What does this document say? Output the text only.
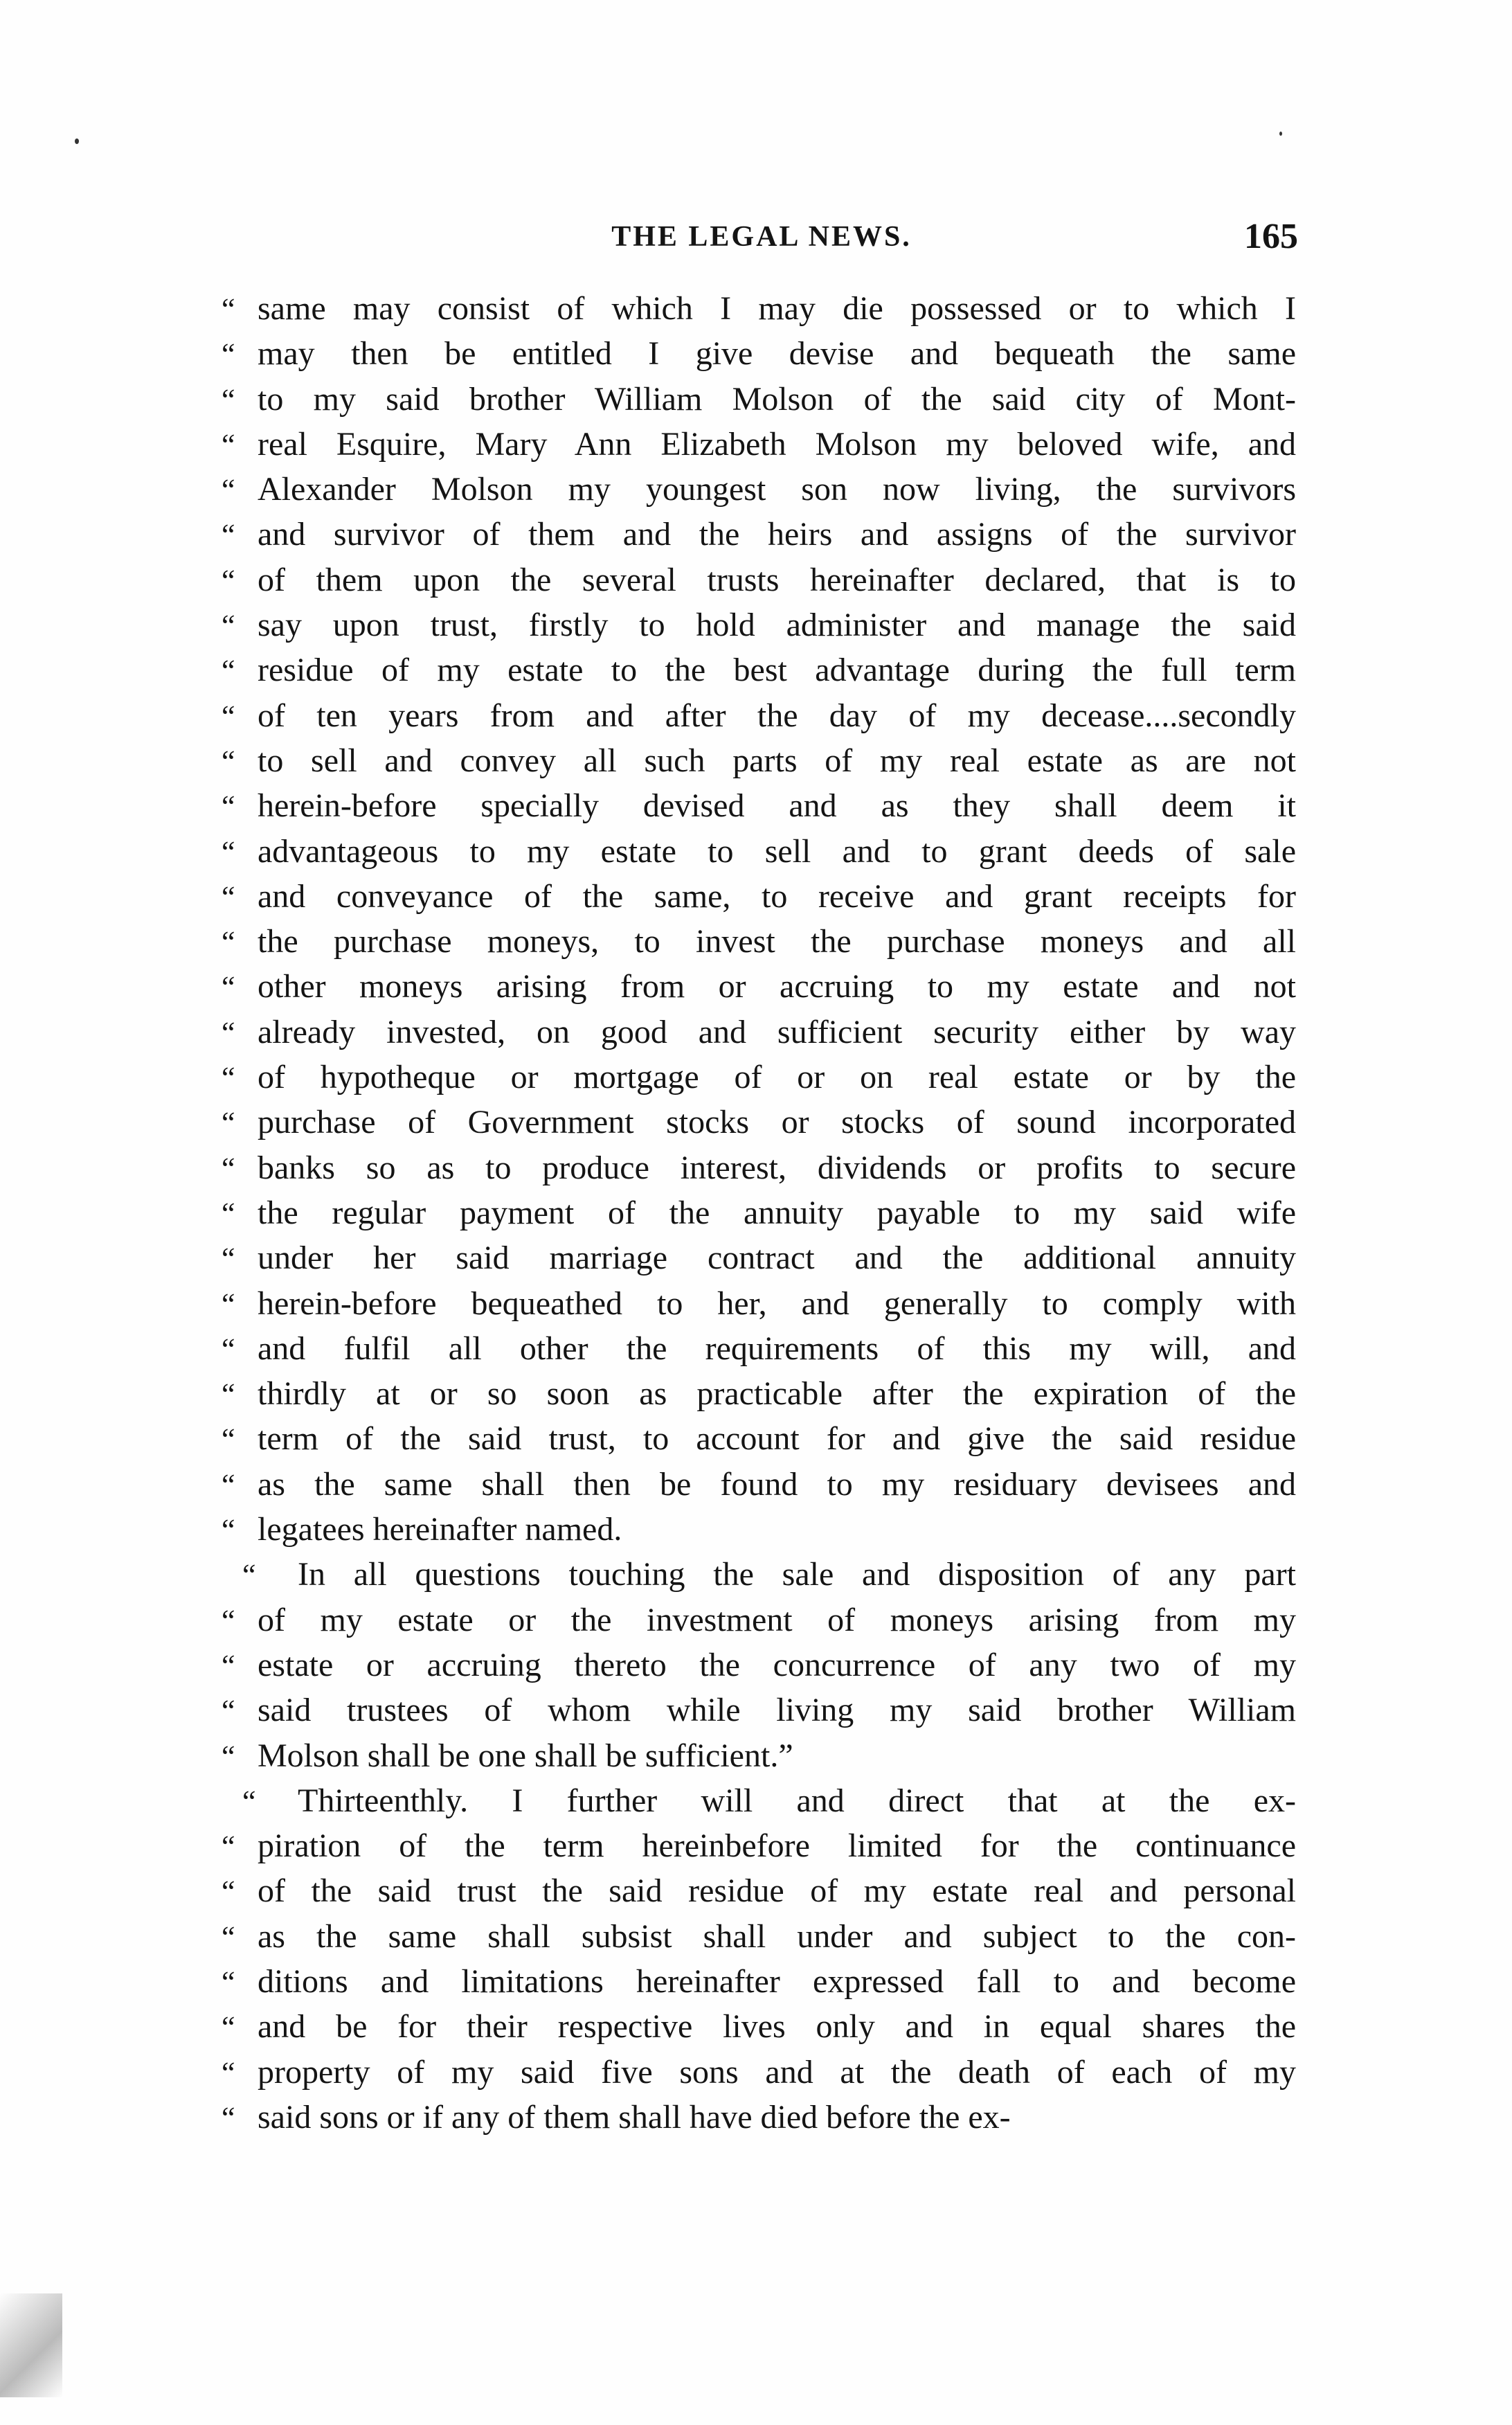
THE LEGAL NEWS.	165
“ same may consist of which I may die possessed or to which I
“ may then be entitled I give devise and bequeath the same
“ to my said brother William Molson of the said city of Mont-
“ real Esquire, Mary Ann Elizabeth Molson my beloved wife, and
“ Alexander Molson my youngest son now living, the survivors
“ and survivor of them and the heirs and assigns of the survivor
“ of them upon the several trusts hereinafter declared, that is to
“ say upon trust, firstly to hold administer and manage the said
“ residue of my estate to the best advantage during the full term
“ of ten years from and after the day of my decease....secondly
“ to sell and convey all such parts of my real estate as are not
“ herein-before specially devised and as they shall deem it
“ advantageous to my estate to sell and to grant deeds of sale
“ and conveyance of the same, to receive and grant receipts for
“ the purchase moneys, to invest the purchase moneys and all
“ other moneys arising from or accruing to my estate and not
“ already invested, on good and sufficient security either by way
“ of hypotheque or mortgage of or on real estate or by the
“ purchase of Government stocks or stocks of sound incorporated
“ banks so as to produce interest, dividends or profits to secure
“ the regular payment of the annuity payable to my said wife
“ under her said marriage contract and the additional annuity
“ herein-before bequeathed to her, and generally to comply with
“ and fulfil all other the requirements of this my will, and
“ thirdly at or so soon as practicable after the expiration of the
“ term of the said trust, to account for and give the said residue
“ as the same shall then be found to my residuary devisees and
“ legatees hereinafter named.
“	In all questions touching the sale and disposition of any part
“ of my estate or the investment of moneys arising from my
“ estate or accruing thereto the concurrence of any two of my
“ said trustees of whom while living my said brother William
“ Molson shall be one shall be sufficient.”
“	Thirteenthly. I further will and direct that at the ex-
“ piration of the term hereinbefore limited for the continuance
“ of the said trust the said residue of my estate real and personal
“ as the same shall subsist shall under and subject to the con-
“ ditions and limitations hereinafter expressed fall to and become
“ and be for their respective lives only and in equal shares the
“ property of my said five sons and at the death of each of my
“ said sons or if any of them shall have died before the ex-
